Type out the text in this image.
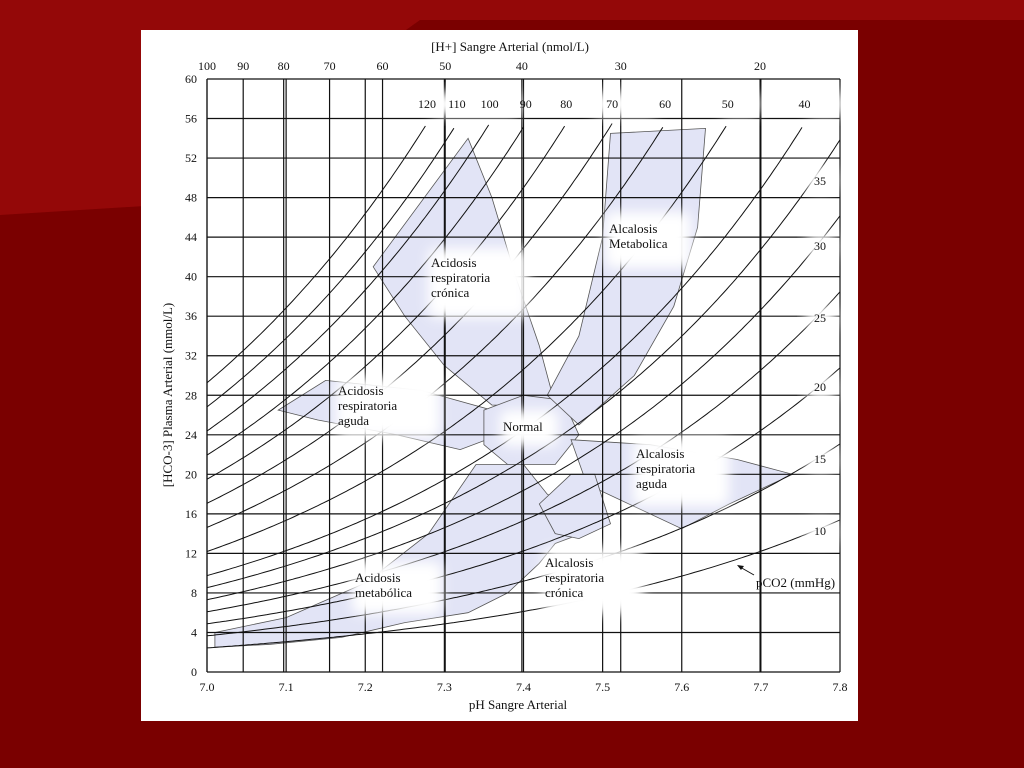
[H+] Sangre Arterial (nmol/L)
pH Sangre Arterial
[HCO-3] Plasma Arterial (mmol/L)
pCO2 (mmHg)
7.0	7.1	7.2	7.3	7.4	7.5	7.6	7.7	7.8
0
4
8
12
16
20
24
28
32
36
40
44
48
52
56
60
100 90 80	70	60	50	40	30	20
120 110 100 90 80	70	60	50	40
35
30
25
20
15
10
Acidosis
respiratoria
crónica
Acidosis
respiratoria
aguda	Normal
Alcalosis
Metabolica
Alcalosis
respiratoria
aguda
Acidosis
metabólica
Alcalosis
respiratoria
crónica
